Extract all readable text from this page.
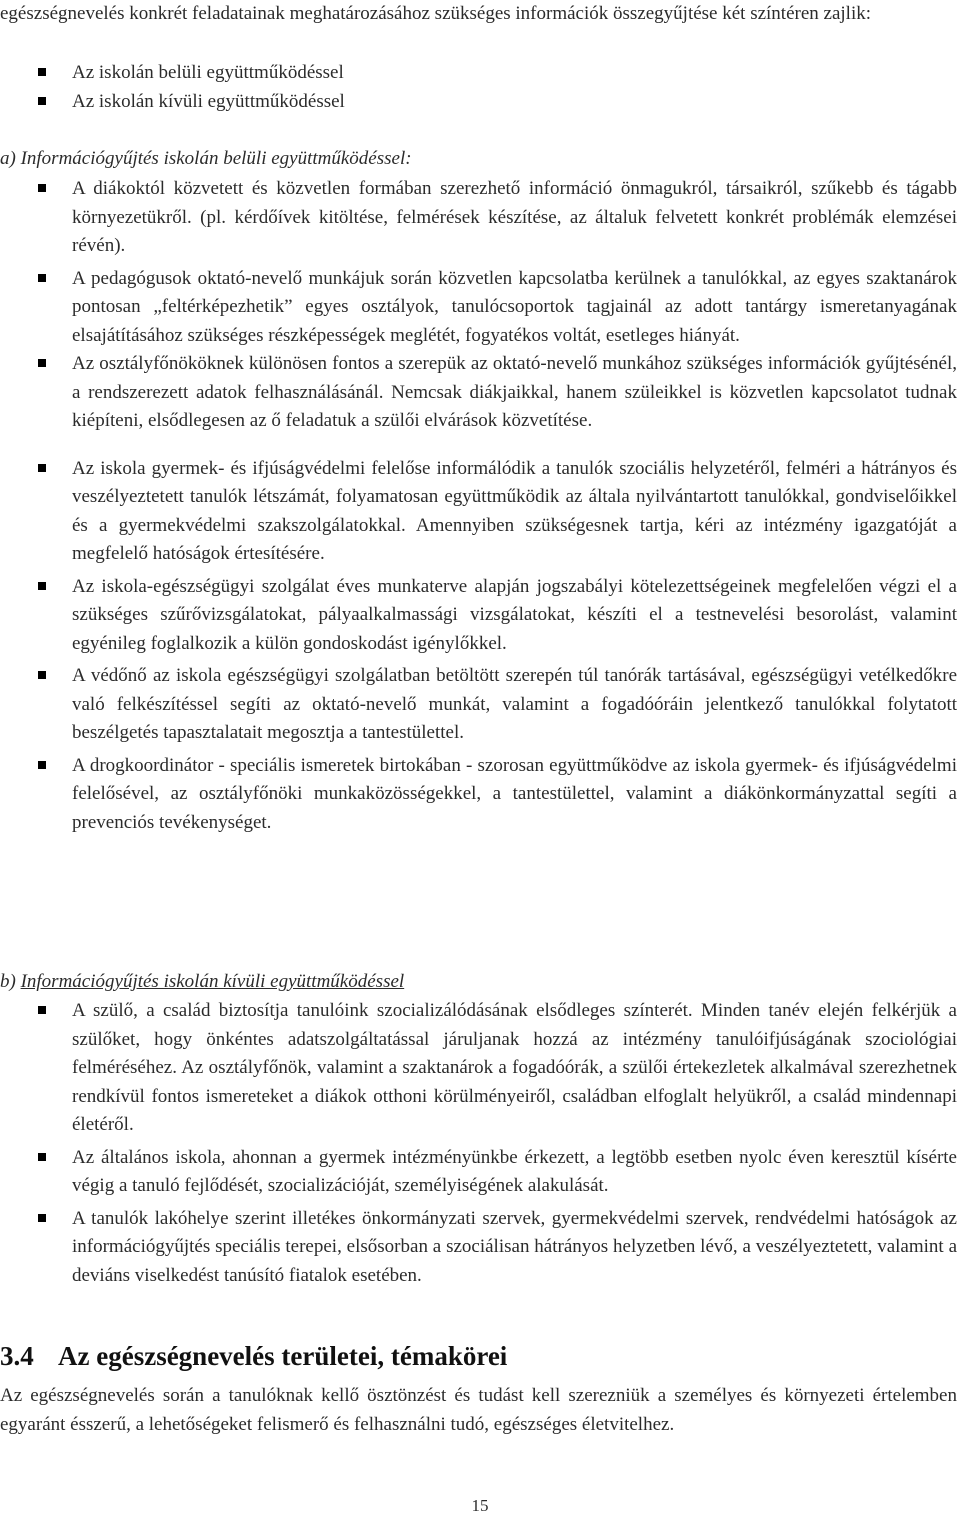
egészségnevelés konkrét feladatainak meghatározásához szükséges információk összegyűjtése két színtéren zajlik:

Az iskolán belüli együttműködéssel
Az iskolán kívüli együttműködéssel

a) Információgyűjtés iskolán belüli együttműködéssel:

A diákoktól közvetett és közvetlen formában szerezhető információ önmagukról, társaikról, szűkebb és tágabb környezetükről. (pl. kérdőívek kitöltése, felmérések készítése, az általuk felvetett konkrét problémák elemzései révén).
A pedagógusok oktató-nevelő munkájuk során közvetlen kapcsolatba kerülnek a tanulókkal, az egyes szaktanárok pontosan „feltérképezhetik” egyes osztályok, tanulócsoportok tagjainál az adott tantárgy ismeretanyagának elsajátításához szükséges részképességek meglétét, fogyatékos voltát, esetleges hiányát.
Az osztályfőnököknek különösen fontos a szerepük az oktató-nevelő munkához szükséges információk gyűjtésénél, a rendszerezett adatok felhasználásánál. Nemcsak diákjaikkal, hanem szüleikkel is közvetlen kapcsolatot tudnak kiépíteni, elsődlegesen az ő feladatuk a szülői elvárások közvetítése.
Az iskola gyermek- és ifjúságvédelmi felelőse informálódik a tanulók szociális helyzetéről, felméri a hátrányos és veszélyeztetett tanulók létszámát, folyamatosan együttműködik az általa nyilvántartott tanulókkal, gondviselőikkel és a gyermekvédelmi szakszolgálatokkal. Amennyiben szükségesnek tartja, kéri az intézmény igazgatóját a megfelelő hatóságok értesítésére.
Az iskola-egészségügyi szolgálat éves munkaterve alapján jogszabályi kötelezettségeinek megfelelően végzi el a szükséges szűrővizsgálatokat, pályaalkalmassági vizsgálatokat, készíti el a testnevelési besorolást, valamint egyénileg foglalkozik a külön gondoskodást igénylőkkel.
A védőnő az iskola egészségügyi szolgálatban betöltött szerepén túl tanórák tartásával, egészségügyi vetélkedőkre való felkészítéssel segíti az oktató-nevelő munkát, valamint a fogadóóráin jelentkező tanulókkal folytatott beszélgetés tapasztalatait megosztja a tantestülettel.
A drogkoordinátor - speciális ismeretek birtokában - szorosan együttműködve az iskola gyermek- és ifjúságvédelmi felelősével, az osztályfőnöki munkaközösségekkel, a tantestülettel, valamint a diákönkormányzattal segíti a prevenciós tevékenységet.

b) Információgyűjtés iskolán kívüli együttműködéssel

A szülő, a család biztosítja tanulóink szocializálódásának elsődleges színterét. Minden tanév elején felkérjük a szülőket, hogy önkéntes adatszolgáltatással járuljanak hozzá az intézmény tanulóifjúságának szociológiai felméréséhez. Az osztályfőnök, valamint a szaktanárok a fogadóórák, a szülői értekezletek alkalmával szerezhetnek rendkívül fontos ismereteket a diákok otthoni körülményeiről, családban elfoglalt helyükről, a család mindennapi életéről.
Az általános iskola, ahonnan a gyermek intézményünkbe érkezett, a legtöbb esetben nyolc éven keresztül kísérte végig a tanuló fejlődését, szocializációját, személyiségének alakulását.
A tanulók lakóhelye szerint illetékes önkormányzati szervek, gyermekvédelmi szervek, rendvédelmi hatóságok az információgyűjtés speciális terepei, elsősorban a szociálisan hátrányos helyzetben lévő, a veszélyeztetett, valamint a deviáns viselkedést tanúsító fiatalok esetében.
3.4 Az egészségnevelés területei, témakörei

Az egészségnevelés során a tanulóknak kellő ösztönzést és tudást kell szerezniük a személyes és környezeti értelemben egyaránt ésszerű, a lehetőségeket felismerő és felhasználni tudó, egészséges életvitelhez.

15
